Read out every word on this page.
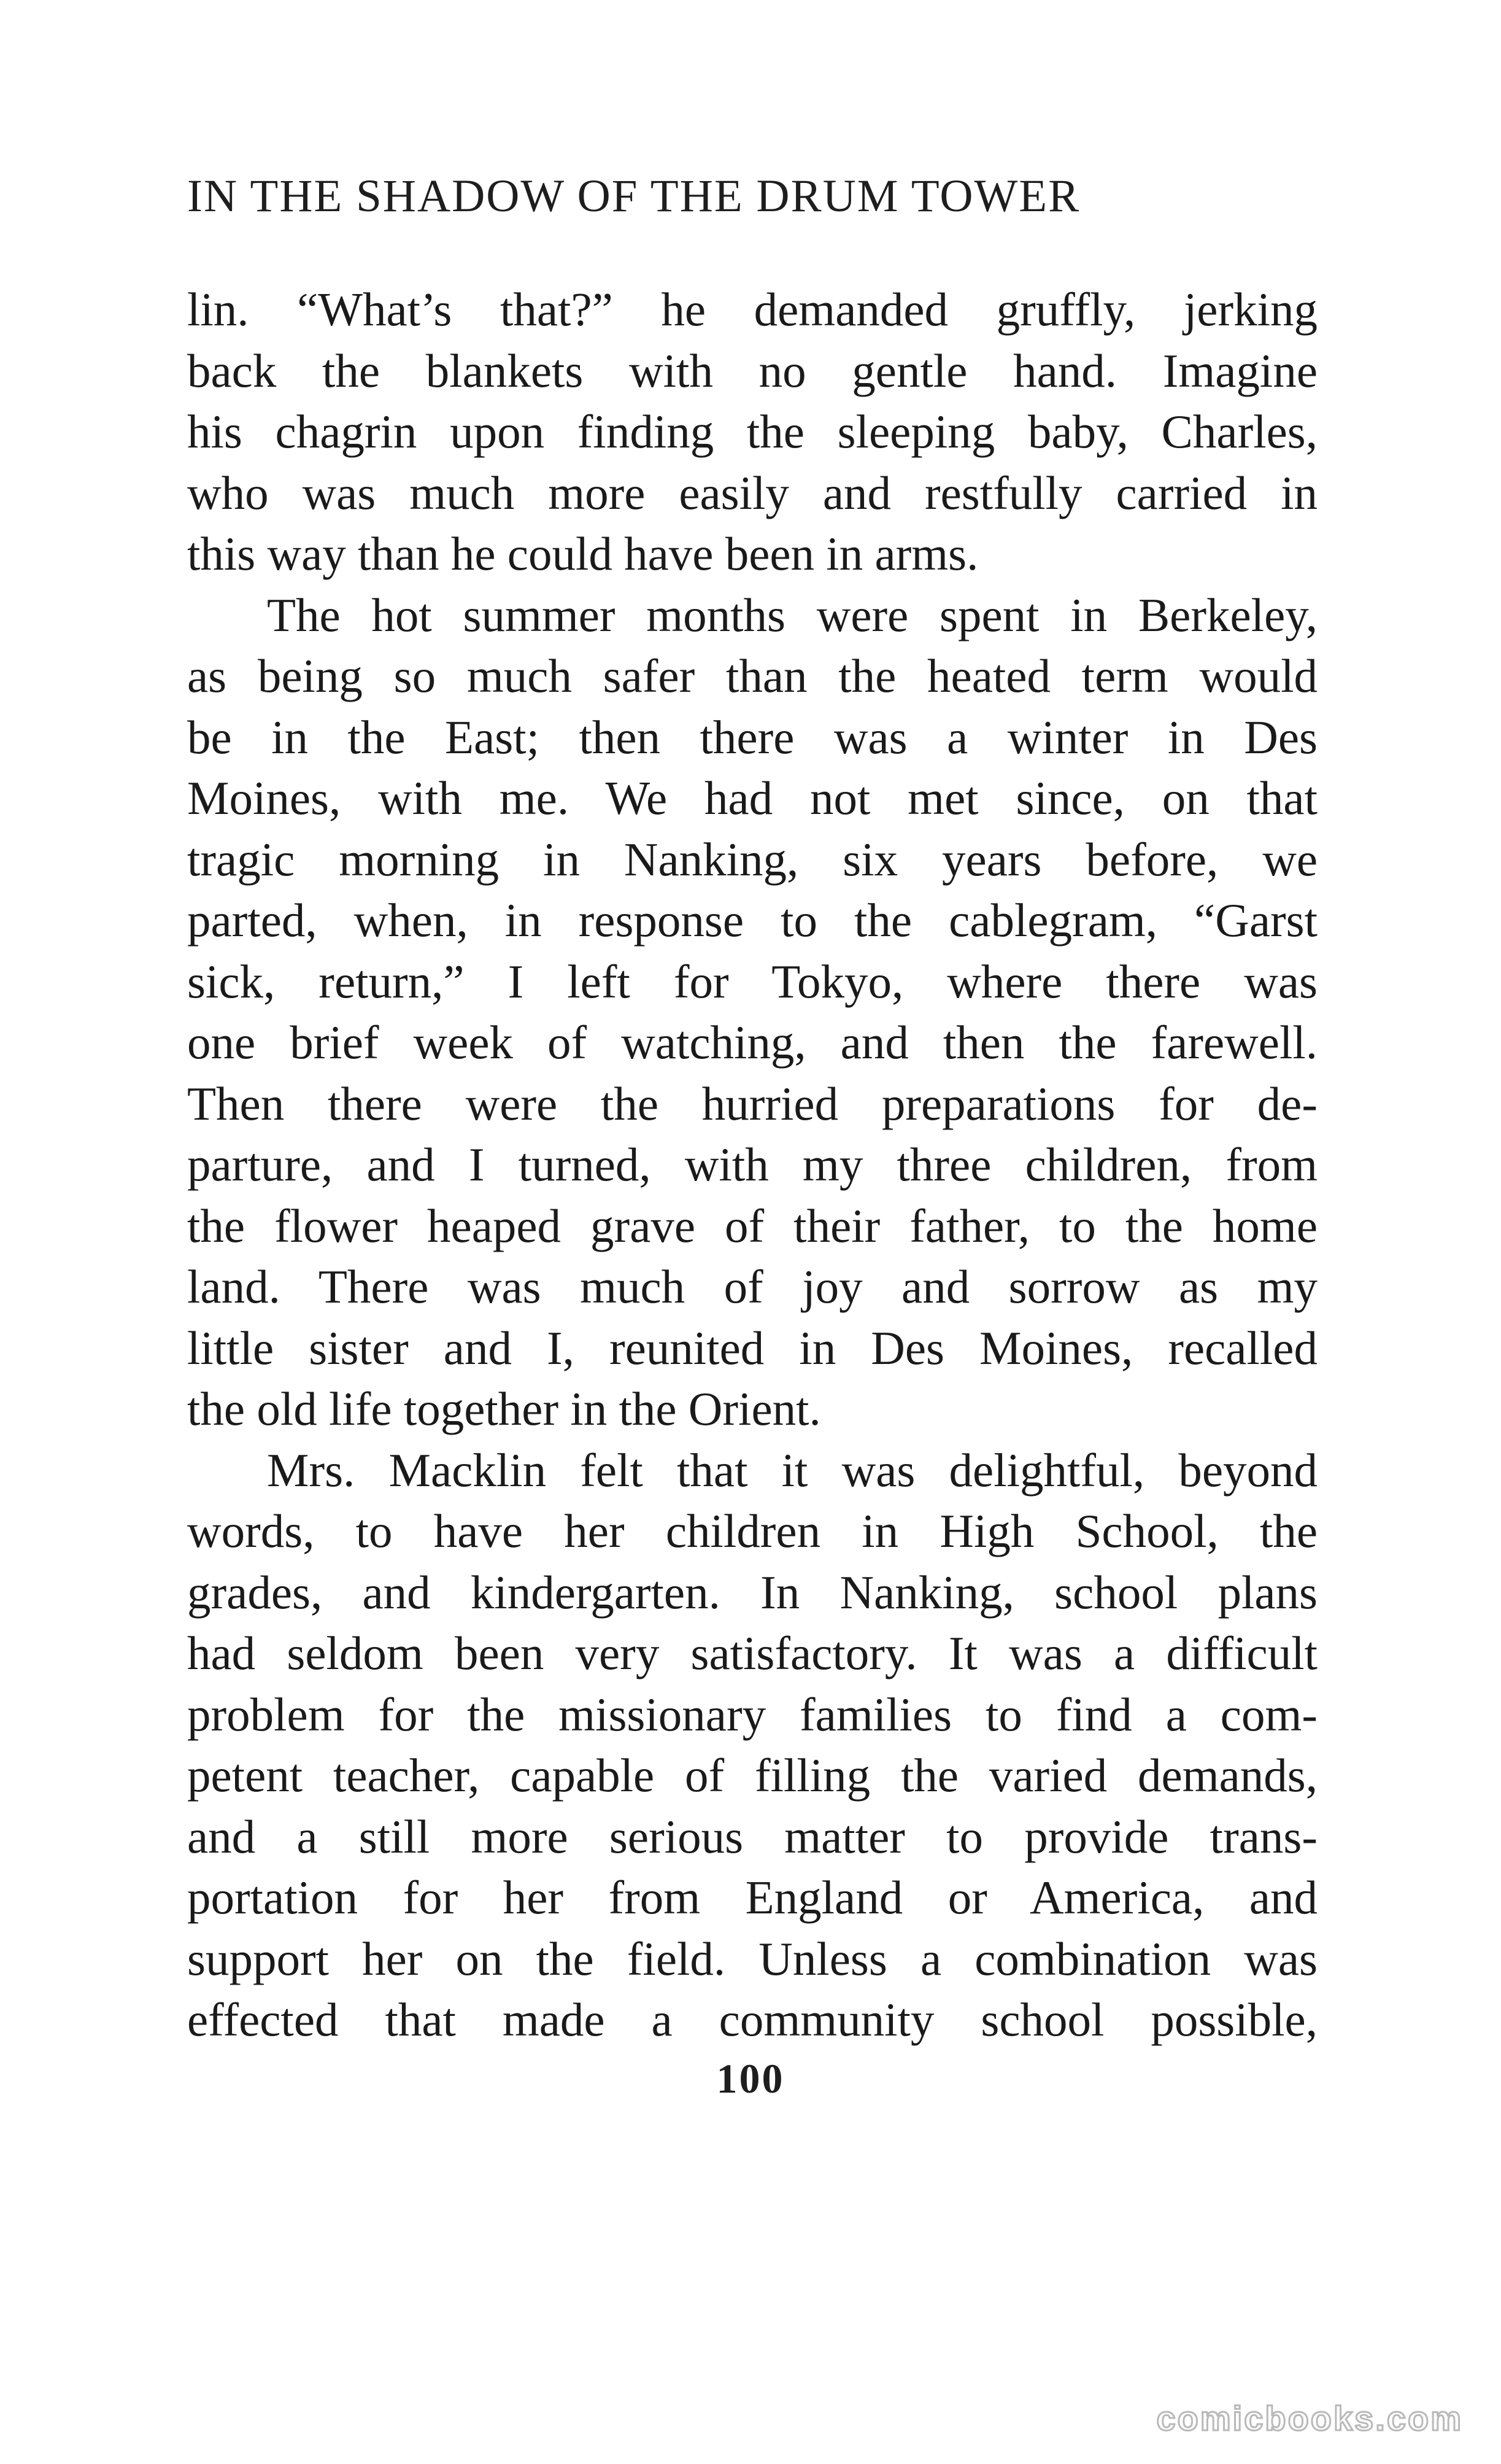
IN THE SHADOW OF THE DRUM TOWER
lin. “What’s that?” he demanded gruffly, jerking
back the blankets with no gentle hand. Imagine
his chagrin upon finding the sleeping baby, Charles,
who was much more easily and restfully carried in
this way than he could have been in arms.
The hot summer months were spent in Berkeley,
as being so much safer than the heated term would
be in the East; then there was a winter in Des
Moines, with me. We had not met since, on that
tragic morning in Nanking, six years before, we
parted, when, in response to the cablegram, “Garst
sick, return,” I left for Tokyo, where there was
one brief week of watching, and then the farewell.
Then there were the hurried preparations for de-
parture, and I turned, with my three children, from
the flower heaped grave of their father, to the home
land. There was much of joy and sorrow as my
little sister and I, reunited in Des Moines, recalled
the old life together in the Orient.
Mrs. Macklin felt that it was delightful, beyond
words, to have her children in High School, the
grades, and kindergarten. In Nanking, school plans
had seldom been very satisfactory. It was a difficult
problem for the missionary families to find a com-
petent teacher, capable of filling the varied demands,
and a still more serious matter to provide trans-
portation for her from England or America, and
support her on the field. Unless a combination was
effected that made a community school possible,
100
comicbooks.com
